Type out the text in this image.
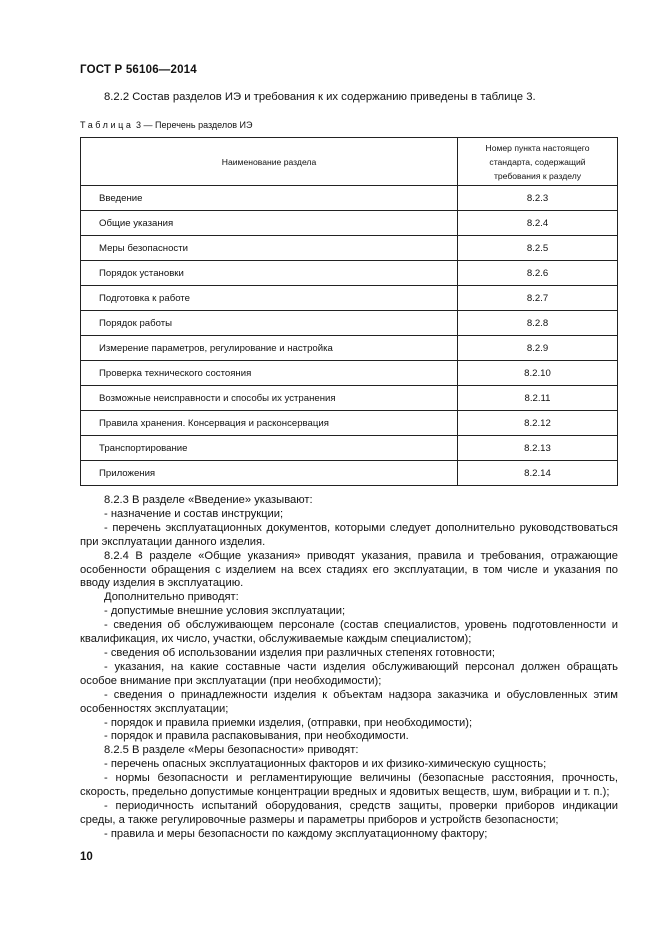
ГОСТ Р 56106—2014
8.2.2 Состав разделов ИЭ и требования к их содержанию приведены в таблице 3.
Таблица 3 — Перечень разделов ИЭ
Наименование раздела	Номер пункта настоящего стандарта, содержащий требования к разделу
Введение	8.2.3
Общие указания	8.2.4
Меры безопасности	8.2.5
Порядок установки	8.2.6
Подготовка к работе	8.2.7
Порядок работы	8.2.8
Измерение параметров, регулирование и настройка	8.2.9
Проверка технического состояния	8.2.10
Возможные неисправности и способы их устранения	8.2.11
Правила хранения. Консервация и расконсервация	8.2.12
Транспортирование	8.2.13
Приложения	8.2.14

8.2.3 В разделе «Введение» указывают:

- назначение и состав инструкции;

- перечень эксплуатационных документов, которыми следует дополнительно руководствоваться при эксплуатации данного изделия.

8.2.4 В разделе «Общие указания» приводят указания, правила и требования, отражающие особенности обращения с изделием на всех стадиях его эксплуатации, в том числе и указания по вводу изделия в эксплуатацию.

Дополнительно приводят:

- допустимые внешние условия эксплуатации;

- сведения об обслуживающем персонале (состав специалистов, уровень подготовленности и квалификация, их число, участки, обслуживаемые каждым специалистом);

- сведения об использовании изделия при различных степенях готовности;

- указания, на какие составные части изделия обслуживающий персонал должен обращать особое внимание при эксплуатации (при необходимости);

- сведения о принадлежности изделия к объектам надзора заказчика и обусловленных этим особенностях эксплуатации;

- порядок и правила приемки изделия, (отправки, при необходимости);

- порядок и правила распаковывания, при необходимости.

8.2.5 В разделе «Меры безопасности» приводят:

- перечень опасных эксплуатационных факторов и их физико-химическую сущность;

- нормы безопасности и регламентирующие величины (безопасные расстояния, прочность, скорость, предельно допустимые концентрации вредных и ядовитых веществ, шум, вибрации и т. п.);

- периодичность испытаний оборудования, средств защиты, проверки приборов индикации среды, а также регулировочные размеры и параметры приборов и устройств безопасности;

- правила и меры безопасности по каждому эксплуатационному фактору;

10
